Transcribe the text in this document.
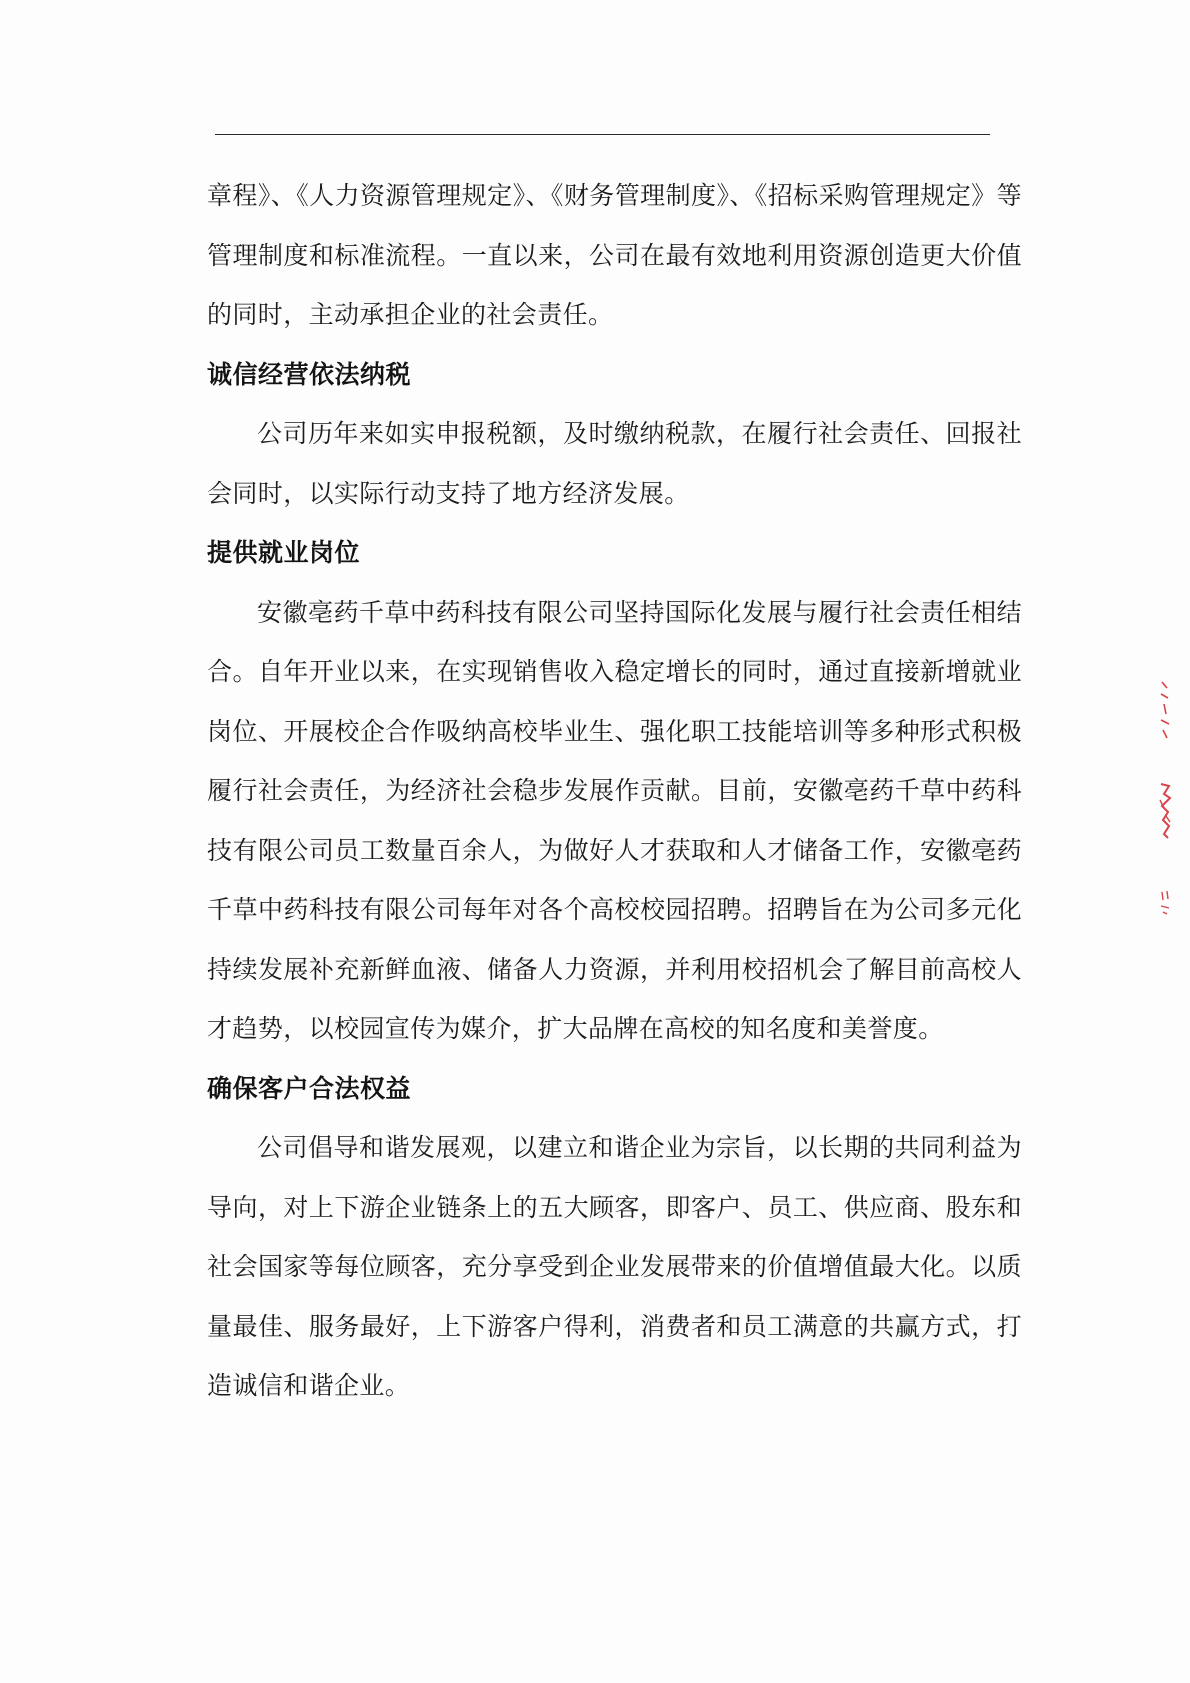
章程》、《人力资源管理规定》、《财务管理制度》、《招标采购管理规定》等管理制度和标准流程。一直以来，公司在最有效地利用资源创造更大价值的同时，主动承担企业的社会责任。

诚信经营依法纳税

公司历年来如实申报税额，及时缴纳税款，在履行社会责任、回报社会同时，以实际行动支持了地方经济发展。

提供就业岗位

安徽亳药千草中药科技有限公司坚持国际化发展与履行社会责任相结合。自年开业以来，在实现销售收入稳定增长的同时，通过直接新增就业岗位、开展校企合作吸纳高校毕业生、强化职工技能培训等多种形式积极履行社会责任，为经济社会稳步发展作贡献。目前，安徽亳药千草中药科技有限公司员工数量百余人，为做好人才获取和人才储备工作，安徽亳药千草中药科技有限公司每年对各个高校校园招聘。招聘旨在为公司多元化持续发展补充新鲜血液、储备人力资源，并利用校招机会了解目前高校人才趋势，以校园宣传为媒介，扩大品牌在高校的知名度和美誉度。

确保客户合法权益

公司倡导和谐发展观，以建立和谐企业为宗旨，以长期的共同利益为导向，对上下游企业链条上的五大顾客，即客户、员工、供应商、股东和社会国家等每位顾客，充分享受到企业发展带来的价值增值最大化。以质量最佳、服务最好，上下游客户得利，消费者和员工满意的共赢方式，打造诚信和谐企业。
